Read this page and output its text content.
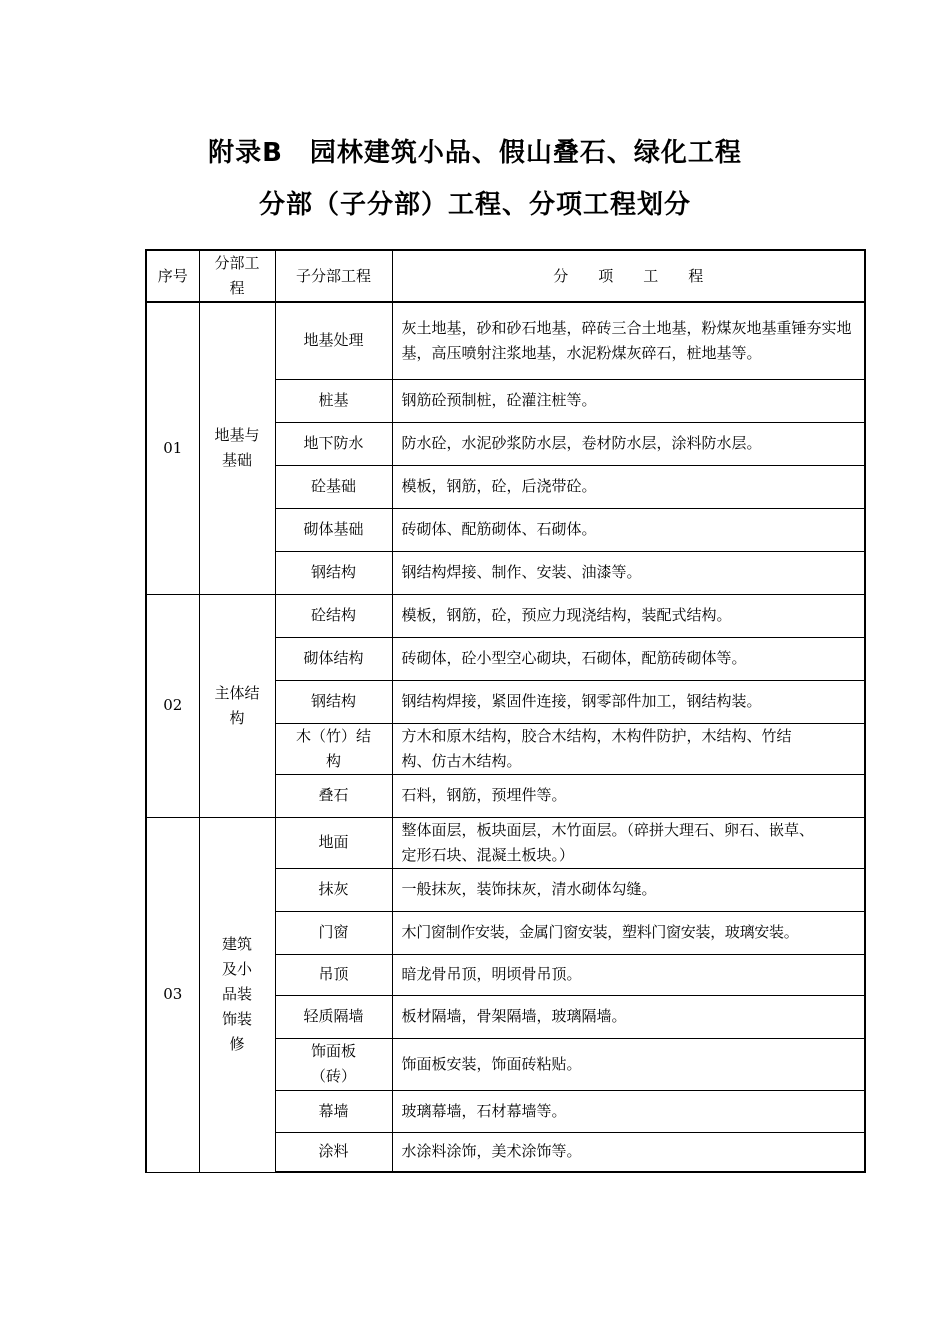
附录B　园林建筑小品、假山叠石、绿化工程
分部（子分部）工程、分项工程划分
序号	分部工程	子分部工程	分项工程
01	地基与基础	地基处理	灰土地基，砂和砂石地基，碎砖三合土地基，粉煤灰地基重锤夯实地基，高压喷射注浆地基，水泥粉煤灰碎石，桩地基等。
		桩基	钢筋砼预制桩，砼灌注桩等。
		地下防水	防水砼，水泥砂浆防水层，卷材防水层，涂料防水层。
		砼基础	模板，钢筋，砼，后浇带砼。
		砌体基础	砖砌体、配筋砌体、石砌体。
		钢结构	钢结构焊接、制作、安装、油漆等。
02	主体结构	砼结构	模板，钢筋，砼，预应力现浇结构，装配式结构。
		砌体结构	砖砌体，砼小型空心砌块，石砌体，配筋砖砌体等。
		钢结构	钢结构焊接，紧固件连接，钢零部件加工，钢结构装。
		木（竹）结构	方木和原木结构，胶合木结构，木构件防护，木结构、竹结构、仿古木结构。
		叠石	石料，钢筋，预埋件等。
03	建筑及小品装饰装修	地面	整体面层，板块面层，木竹面层。（碎拼大理石、卵石、嵌草、定形石块、混凝土板块。）
		抹灰	一般抹灰，装饰抹灰，清水砌体勾缝。
		门窗	木门窗制作安装，金属门窗安装，塑料门窗安装，玻璃安装。
		吊顶	暗龙骨吊顶，明顷骨吊顶。
		轻质隔墙	板材隔墙，骨架隔墙，玻璃隔墙。
		饰面板（砖）	饰面板安装，饰面砖粘贴。
		幕墙	玻璃幕墙，石材幕墙等。
		涂料	水涂料涂饰，美术涂饰等。
